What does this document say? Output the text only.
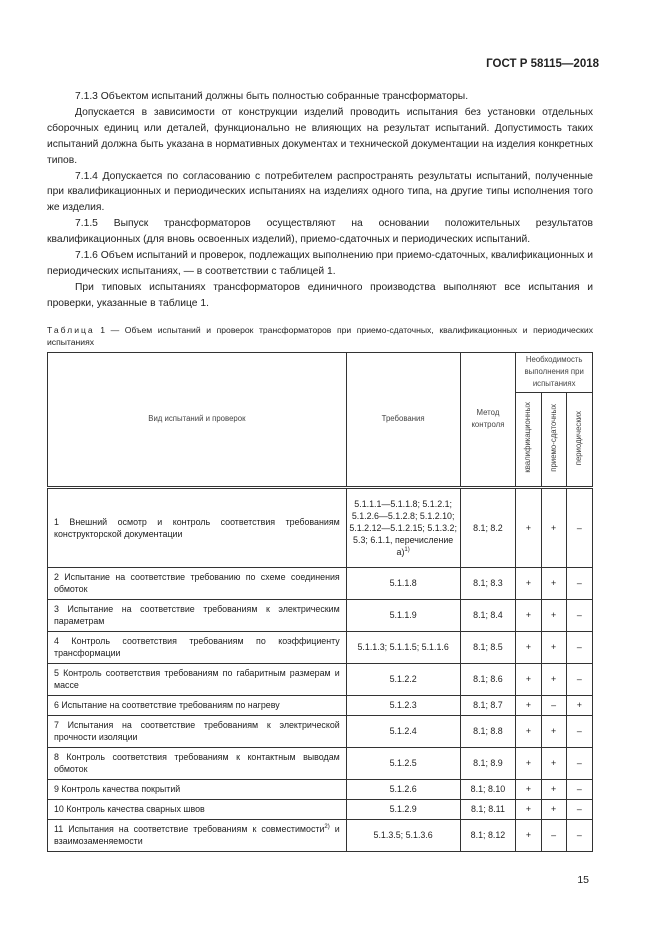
ГОСТ Р 58115—2018

7.1.3 Объектом испытаний должны быть полностью собранные трансформаторы.

Допускается в зависимости от конструкции изделий проводить испытания без установки отдельных сборочных единиц или деталей, функционально не влияющих на результат испытаний. Допустимость таких испытаний должна быть указана в нормативных документах и технической документации на изделия конкретных типов.

7.1.4 Допускается по согласованию с потребителем распространять результаты испытаний, полученные при квалификационных и периодических испытаниях на изделиях одного типа, на другие типы исполнения того же изделия.

7.1.5 Выпуск трансформаторов осуществляют на основании положительных результатов квалификационных (для вновь освоенных изделий), приемо-сдаточных и периодических испытаний.

7.1.6 Объем испытаний и проверок, подлежащих выполнению при приемо-сдаточных, квалификационных и периодических испытаниях, — в соответствии с таблицей 1.

При типовых испытаниях трансформаторов единичного производства выполняют все испытания и проверки, указанные в таблице 1.

Таблица 1 — Объем испытаний и проверок трансформаторов при приемо-сдаточных, квалификационных и периодических испытаниях
Вид испытаний и проверок	Требования	Метод контроля	Необходимость выполнения при испытаниях		
			квалификационных	приемо-сдаточных	периодических
1 Внешний осмотр и контроль соответствия требованиям конструкторской документации	5.1.1.1—5.1.1.8; 5.1.2.1; 5.1.2.6—5.1.2.8; 5.1.2.10; 5.1.2.12—5.1.2.15; 5.1.3.2; 5.3; 6.1.1, перечисление а)$^{1)}$	8.1; 8.2	+	+	–
2 Испытание на соответствие требованию по схеме соединения обмоток	5.1.1.8	8.1; 8.3	+	+	–
3 Испытание на соответствие требованиям к электрическим параметрам	5.1.1.9	8.1; 8.4	+	+	–
4 Контроль соответствия требованиям по коэффициенту трансформации	5.1.1.3; 5.1.1.5; 5.1.1.6	8.1; 8.5	+	+	–
5 Контроль соответствия требованиям по габаритным размерам и массе	5.1.2.2	8.1; 8.6	+	+	–
6 Испытание на соответствие требованиям по нагреву	5.1.2.3	8.1; 8.7	+	–	+
7 Испытания на соответствие требованиям к электрической прочности изоляции	5.1.2.4	8.1; 8.8	+	+	–
8 Контроль соответствия требованиям к контактным выводам обмоток	5.1.2.5	8.1; 8.9	+	+	–
9 Контроль качества покрытий	5.1.2.6	8.1; 8.10	+	+	–
10 Контроль качества сварных швов	5.1.2.9	8.1; 8.11	+	+	–
11 Испытания на соответствие требованиям к совместимости$^{2)}$ и взаимозаменяемости	5.1.3.5; 5.1.3.6	8.1; 8.12	+	–	–
15
